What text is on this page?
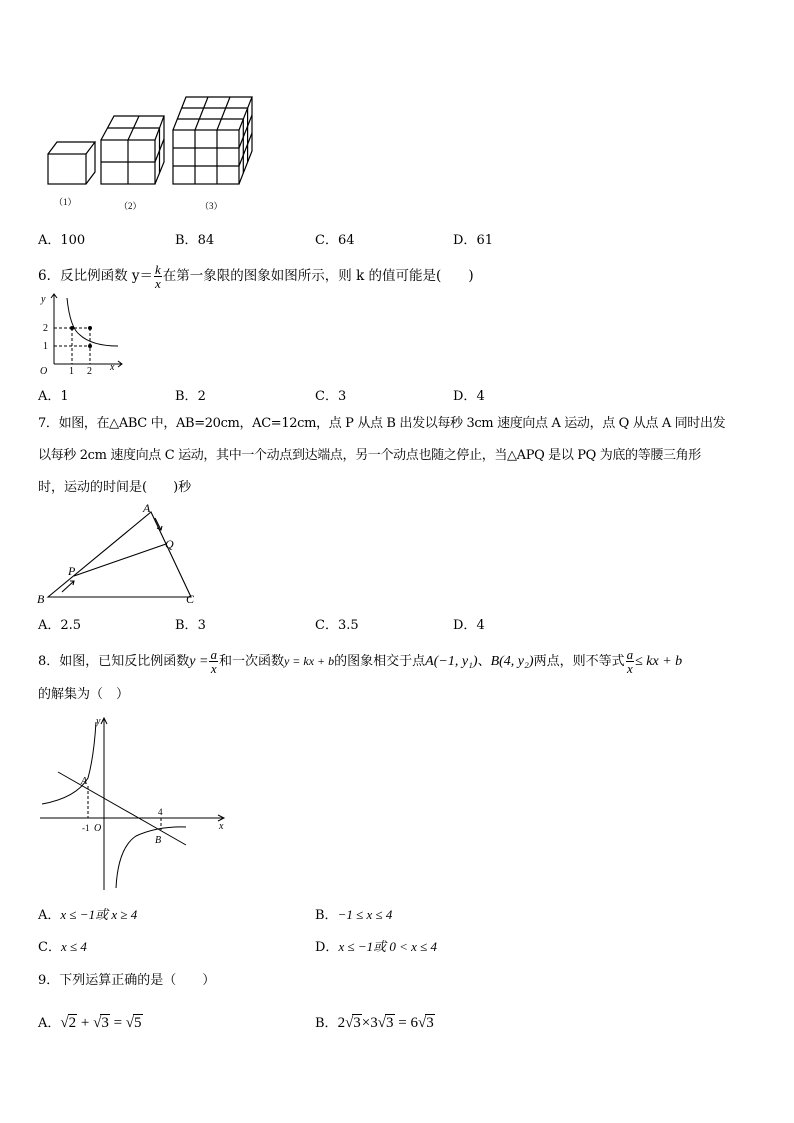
（1）	（2）	（3）
A．100	B．84	C．64	D．61
6．反比例函数 $y= \frac{k}{x}$ 在第一象限的图象如图所示，则 k 的值可能是(　　)
y
2
1
O 1 2 x
A．1	B．2	C．3	D．4
7．如图，在△ABC 中，AB=20cm，AC=12cm，点 P 从点 B 出发以每秒 3cm 速度向点 A 运动，点 Q 从点 A 同时出发
以每秒 2cm 速度向点 C 运动，其中一个动点到达端点，另一个动点也随之停止，当△APQ 是以 PQ 为底的等腰三角形
时，运动的时间是(　　)秒
A
Q
P
B	C
A．2.5	B．3	C．3.5	D．4
8．如图，已知反比例函数$y = \frac{a}{x}$ 和一次函数y = kx + b的图象相交于点A(−1, y₁)、B(4, y₂)两点，则不等式 $\frac{a}{x}$ ≤ kx + b
的解集为（　）
y
A
-1 O
4
B
x
A．x ≤ −1或 x ≥ 4	B．−1 ≤ x ≤ 4
C．x ≤ 4	D．x ≤ −1或 0 < x ≤ 4
9．下列运算正确的是（　　）
A．√2 + √3 = √5	B．2√3×3√3 = 6√3
